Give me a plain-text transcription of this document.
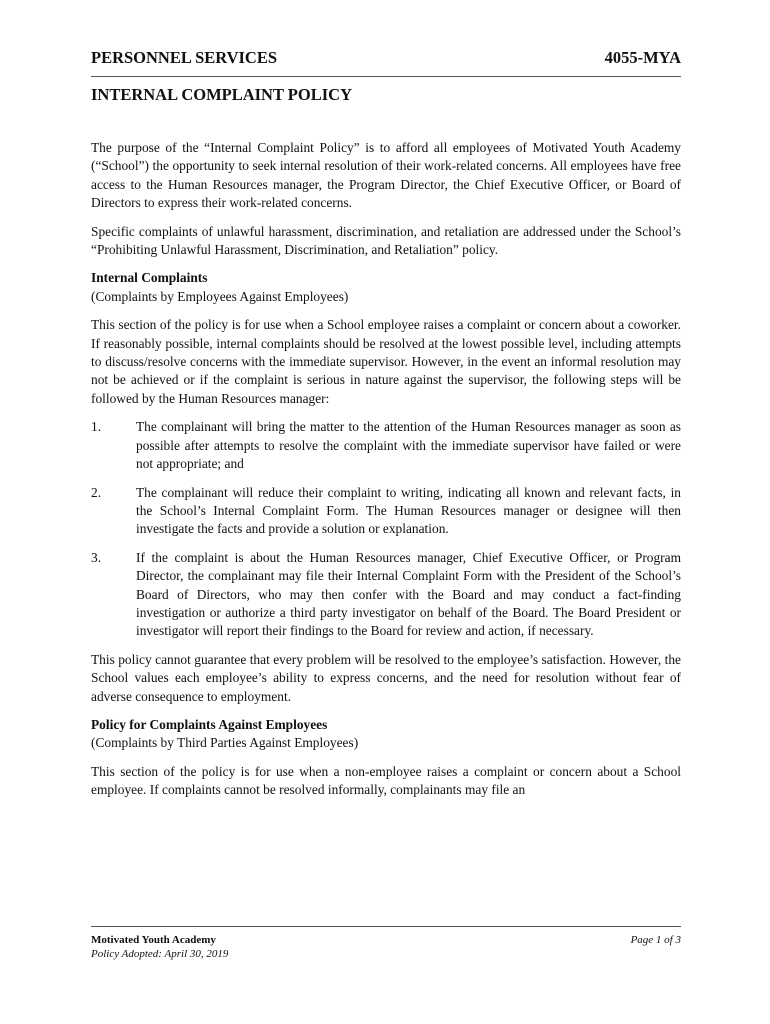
PERSONNEL SERVICES	4055-MYA
INTERNAL COMPLAINT POLICY

The purpose of the “Internal Complaint Policy” is to afford all employees of Motivated Youth Academy (“School”) the opportunity to seek internal resolution of their work-related concerns. All employees have free access to the Human Resources manager, the Program Director, the Chief Executive Officer, or Board of Directors to express their work-related concerns.

Specific complaints of unlawful harassment, discrimination, and retaliation are addressed under the School’s “Prohibiting Unlawful Harassment, Discrimination, and Retaliation” policy.

Internal Complaints
(Complaints by Employees Against Employees)

This section of the policy is for use when a School employee raises a complaint or concern about a coworker. If reasonably possible, internal complaints should be resolved at the lowest possible level, including attempts to discuss/resolve concerns with the immediate supervisor. However, in the event an informal resolution may not be achieved or if the complaint is serious in nature against the supervisor, the following steps will be followed by the Human Resources manager:

1.	The complainant will bring the matter to the attention of the Human Resources manager as soon as possible after attempts to resolve the complaint with the immediate supervisor have failed or were not appropriate; and
2.	The complainant will reduce their complaint to writing, indicating all known and relevant facts, in the School’s Internal Complaint Form. The Human Resources manager or designee will then investigate the facts and provide a solution or explanation.
3.	If the complaint is about the Human Resources manager, Chief Executive Officer, or Program Director, the complainant may file their Internal Complaint Form with the President of the School’s Board of Directors, who may then confer with the Board and may conduct a fact-finding investigation or authorize a third party investigator on behalf of the Board. The Board President or investigator will report their findings to the Board for review and action, if necessary.

This policy cannot guarantee that every problem will be resolved to the employee’s satisfaction. However, the School values each employee’s ability to express concerns, and the need for resolution without fear of adverse consequence to employment.

Policy for Complaints Against Employees
(Complaints by Third Parties Against Employees)

This section of the policy is for use when a non-employee raises a complaint or concern about a School employee. If complaints cannot be resolved informally, complainants may file an

Motivated Youth Academy	Page 1 of 3
Policy Adopted: April 30, 2019
